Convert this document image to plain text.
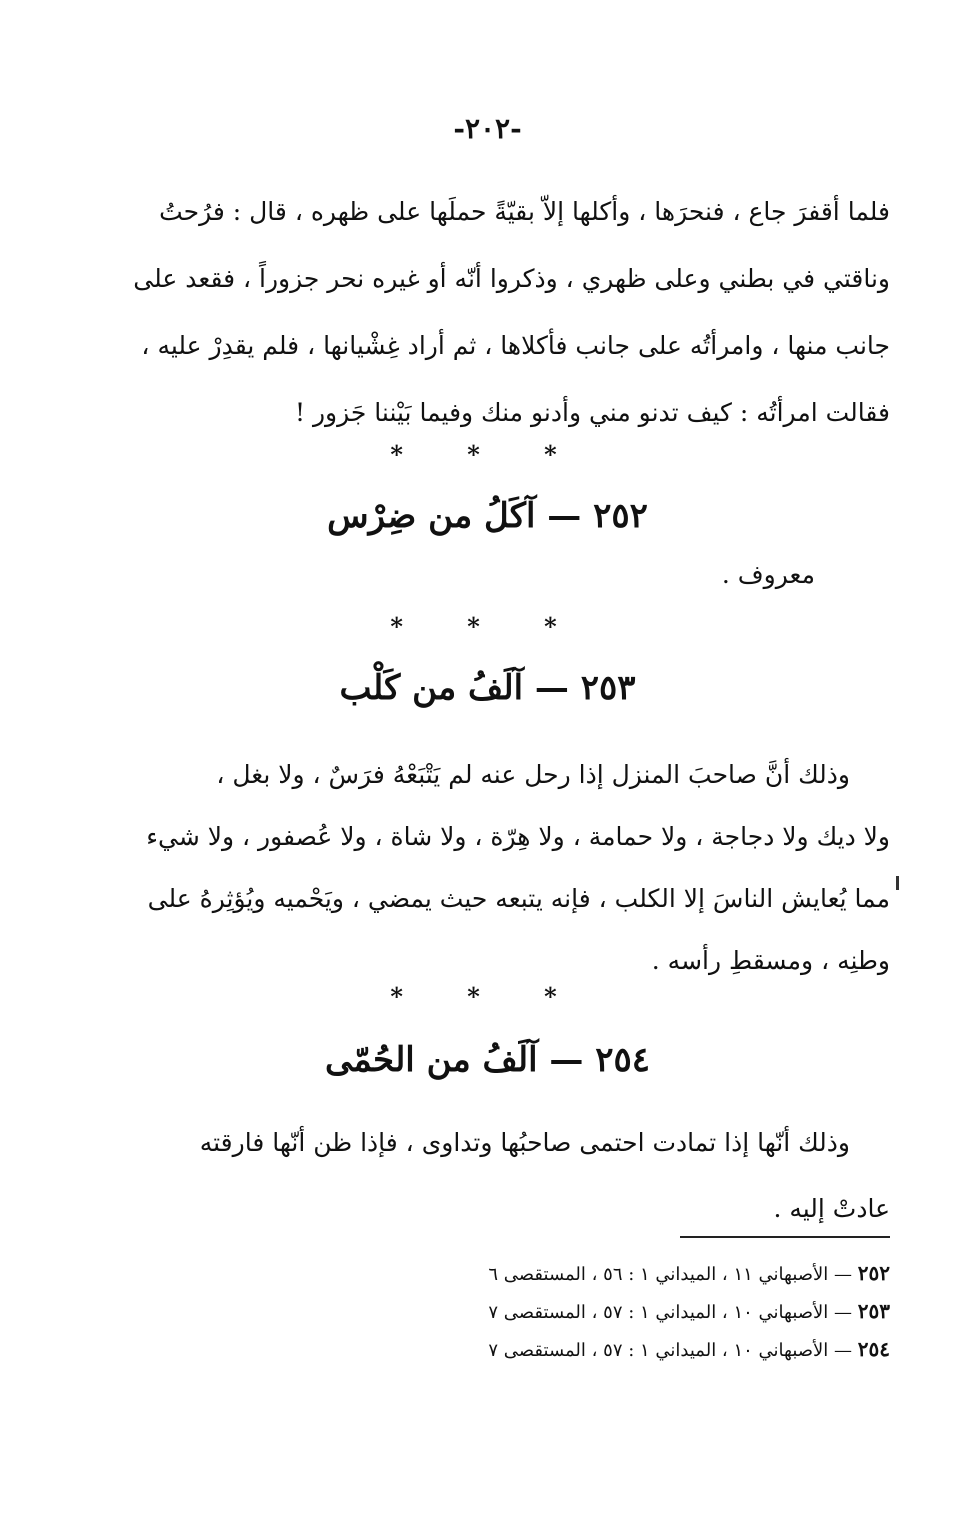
-٢٠٢-
فلما أقفرَ جاع ، فنحرَها ، وأكلها إلاّ بقيّةً حملَها على ظهره ، قال : فرُحتُ
وناقتي في بطني وعلى ظهري ، وذكروا أنّه أو غيره نحر جزوراً ، فقعد على
جانب منها ، وامرأتُه على جانب فأكلاها ، ثم أراد غِشْيانها ، فلم يقدِرْ عليه ،
فقالت امرأتُه : كيف تدنو مني وأدنو منك وفيما بَيْننا جَزور !
* * *
٢٥٢ — آكَلُ من ضِرْس
معروف .
* * *
٢٥٣ — آلَفُ من كَلْب
وذلك أنَّ صاحبَ المنزل إذا رحل عنه لم يَتْبَعْهُ فرَسٌ ، ولا بغل ،
ولا ديك ولا دجاجة ، ولا حمامة ، ولا هِرّة ، ولا شاة ، ولا عُصفور ، ولا شيء
مما يُعايش الناسَ إلا الكلب ، فإنه يتبعه حيث يمضي ، ويَحْميه ويُؤثِرهُ على
وطنِه ، ومسقطِ رأسه .
* * *
٢٥٤ — آلَفُ من الحُمّى
وذلك أنّها إذا تمادت احتمى صاحبُها وتداوى ، فإذا ظن أنّها فارقته
عادتْ إليه .
٢٥٢ — الأصبهاني ١١ ، الميداني ١ : ٥٦ ، المستقصى ٦
٢٥٣ — الأصبهاني ١٠ ، الميداني ١ : ٥٧ ، المستقصى ٧
٢٥٤ — الأصبهاني ١٠ ، الميداني ١ : ٥٧ ، المستقصى ٧
